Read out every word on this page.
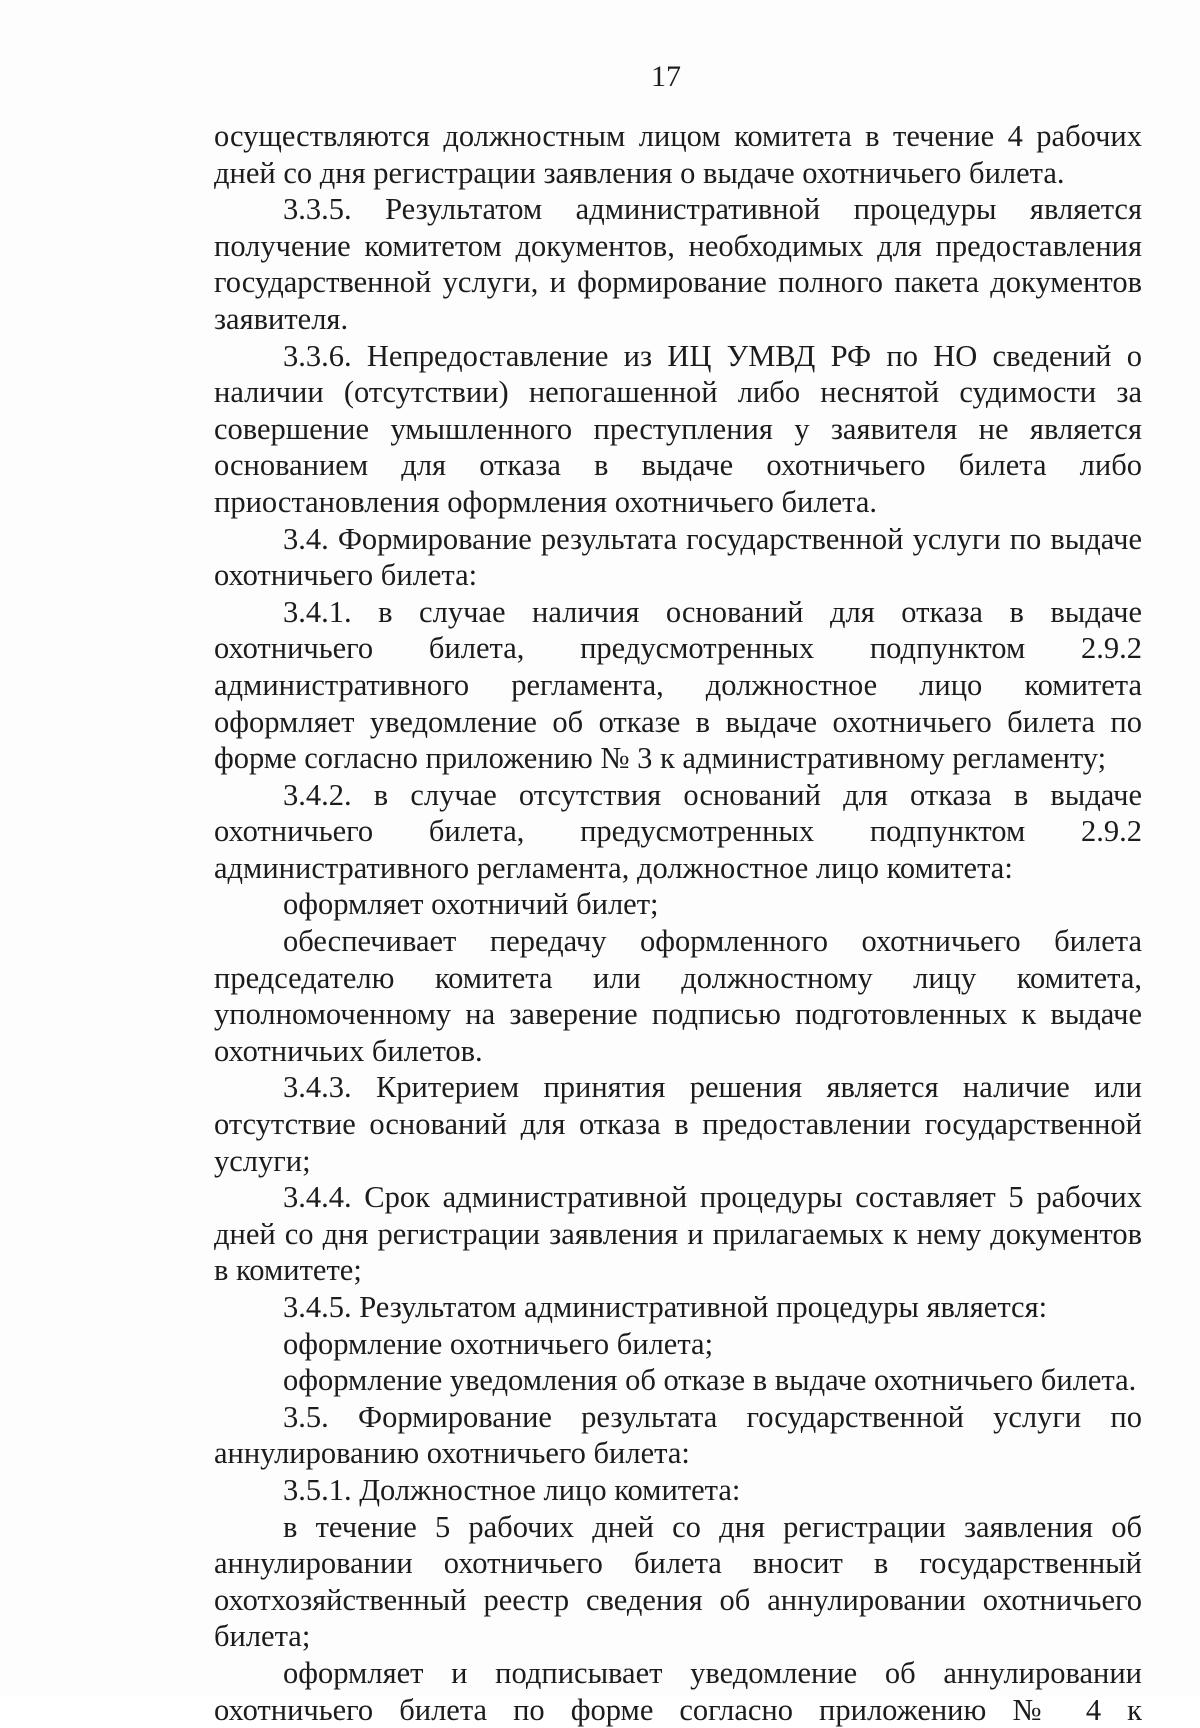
17

осуществляются должностным лицом комитета в течение 4 рабочих дней со дня регистрации заявления о выдаче охотничьего билета.

3.3.5. Результатом административной процедуры является получение комитетом документов, необходимых для предоставления государственной услуги, и формирование полного пакета документов заявителя.

3.3.6. Непредоставление из ИЦ УМВД РФ по НО сведений о наличии (отсутствии) непогашенной либо неснятой судимости за совершение умышленного преступления у заявителя не является основанием для отказа в выдаче охотничьего билета либо приостановления оформления охотничьего билета.

3.4. Формирование результата государственной услуги по выдаче охотничьего билета:

3.4.1. в случае наличия оснований для отказа в выдаче охотничьего билета, предусмотренных подпунктом 2.9.2 административного регламента, должностное лицо комитета оформляет уведомление об отказе в выдаче охотничьего билета по форме согласно приложению № 3 к административному регламенту;

3.4.2. в случае отсутствия оснований для отказа в выдаче охотничьего билета, предусмотренных подпунктом 2.9.2 административного регламента, должностное лицо комитета:

оформляет охотничий билет;

обеспечивает передачу оформленного охотничьего билета председателю комитета или должностному лицу комитета, уполномоченному на заверение подписью подготовленных к выдаче охотничьих билетов.

3.4.3. Критерием принятия решения является наличие или отсутствие оснований для отказа в предоставлении государственной услуги;

3.4.4. Срок административной процедуры составляет 5 рабочих дней со дня регистрации заявления и прилагаемых к нему документов в комитете;

3.4.5. Результатом административной процедуры является:

оформление охотничьего билета;

оформление уведомления об отказе в выдаче охотничьего билета.

3.5. Формирование результата государственной услуги по аннулированию охотничьего билета:

3.5.1. Должностное лицо комитета:

в течение 5 рабочих дней со дня регистрации заявления об аннулировании охотничьего билета вносит в государственный охотхозяйственный реестр сведения об аннулировании охотничьего билета;

оформляет и подписывает уведомление об аннулировании охотничьего билета по форме согласно приложению № 4 к
